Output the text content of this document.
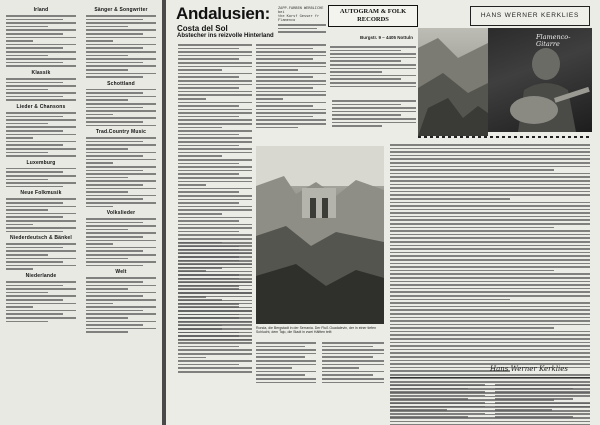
Irland
Klassik
Lieder & Chansons
Luxemburg
Neue Folkmusik
Niederdeutsch & Bänkel
Niederlande
Sänger & Songwriter
Schottland
Trad.Country Music
Volkslieder
Welt
Andalusien:
Costa del Sol
Abstecher ins reizvolle Hinterland
ZAPP-FARBEN WERBLICHE bei
the Korsf Gesser fr
Flamenco
AUTOGRAM & FOLK
RECORDS
Burgstr. 9 – 4405 Nottuln
HANS WERNER KERKLIES
Flamenco-
Gitarre
Ronda, die Bergstadt in der Serrania. Der Fluß Guadalevin, der in einer tiefen Schlucht, dem Tajo, die Stadt in zwei Hälften teilt
Hans Werner Kerklies
